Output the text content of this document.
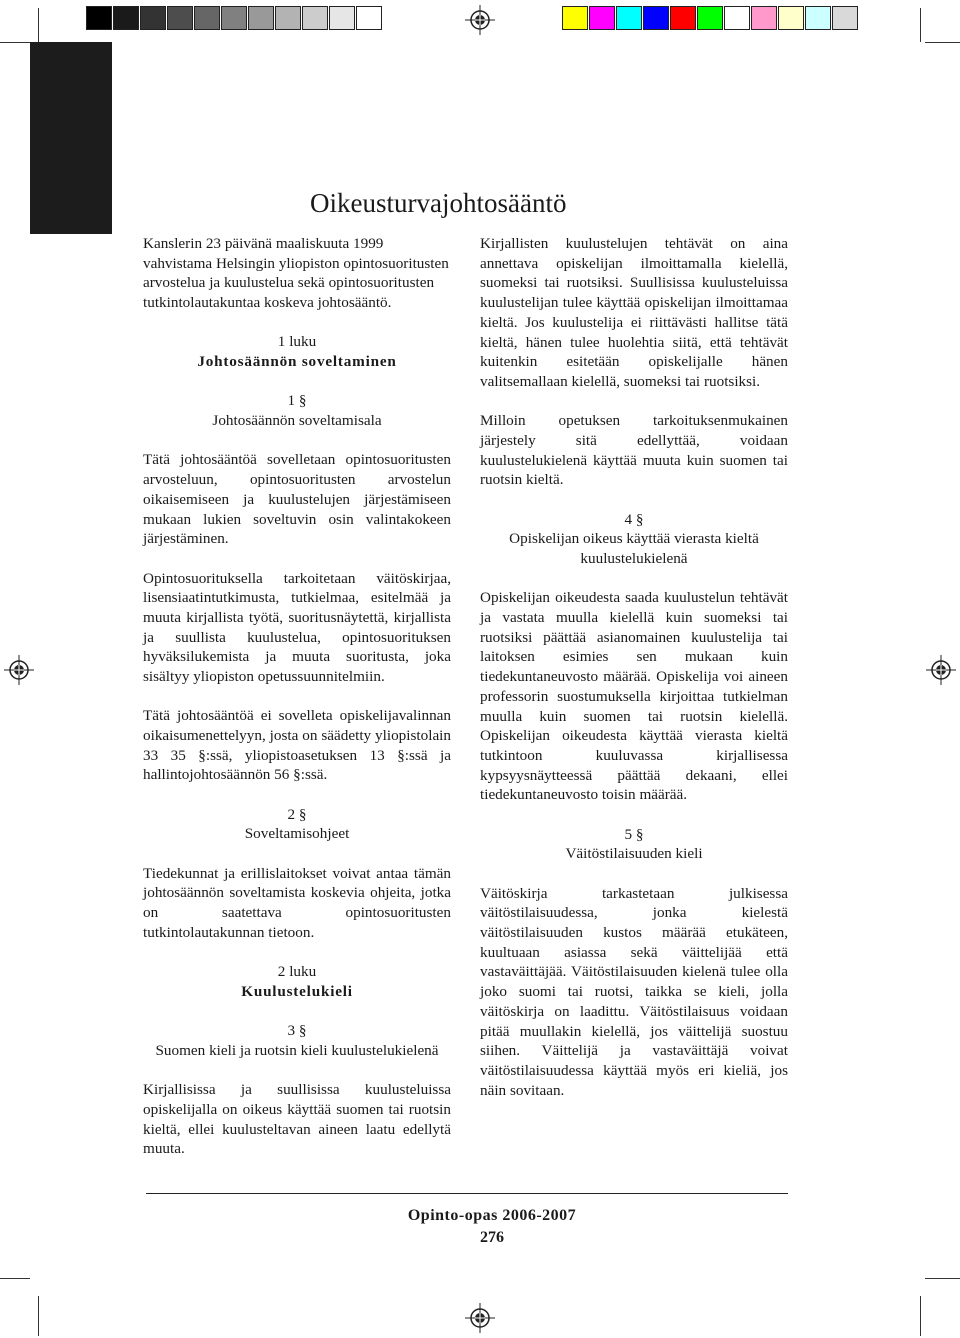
Oikeusturvajohtosääntö

Kanslerin 23 päivänä maaliskuuta 1999 vahvistama Helsingin yliopiston opintosuoritusten arvostelua ja kuulustelua sekä opintosuoritusten tutkintolautakuntaa koskeva johtosääntö.

1 luku

Johtosäännön soveltaminen

1 §

Johtosäännön soveltamisala

Tätä johtosääntöä sovelletaan opintosuoritusten arvosteluun, opintosuoritusten arvostelun oikaisemiseen ja kuulustelujen järjestämiseen mukaan lukien soveltuvin osin valintakokeen järjestäminen.

Opintosuorituksella tarkoitetaan väitöskirjaa, lisensiaatintutkimusta, tutkielmaa, esitelmää ja muuta kirjallista työtä, suoritusnäytettä, kirjallista ja suullista kuulustelua, opintosuorituksen hyväksilukemista ja muuta suoritusta, joka sisältyy yliopiston opetussuunnitelmiin.

Tätä johtosääntöä ei sovelleta opiskelijavalinnan oikaisumenettelyyn, josta on säädetty yliopistolain 33 35 §:ssä, yliopistoasetuksen 13 §:ssä ja hallintojohtosäännön 56 §:ssä.

2 §

Soveltamisohjeet

Tiedekunnat ja erillislaitokset voivat antaa tämän johtosäännön soveltamista koskevia ohjeita, jotka on saatettava opintosuoritusten tutkintolautakunnan tietoon.

2 luku

Kuulustelukieli

3 §

Suomen kieli ja ruotsin kieli kuulustelukielenä

Kirjallisissa ja suullisissa kuulusteluissa opiskelijalla on oikeus käyttää suomen tai ruotsin kieltä, ellei kuulusteltavan aineen laatu edellytä muuta.

Kirjallisten kuulustelujen tehtävät on aina annettava opiskelijan ilmoittamalla kielellä, suomeksi tai ruotsiksi. Suullisissa kuulusteluissa kuulustelijan tulee käyttää opiskelijan ilmoittamaa kieltä. Jos kuulustelija ei riittävästi hallitse tätä kieltä, hänen tulee huolehtia siitä, että tehtävät kuitenkin esitetään opiskelijalle hänen valitsemallaan kielellä, suomeksi tai ruotsiksi.

Milloin opetuksen tarkoituksenmukainen järjestely sitä edellyttää, voidaan kuulustelukielenä käyttää muuta kuin suomen tai ruotsin kieltä.

4 §

Opiskelijan oikeus käyttää vierasta kieltä kuulustelukielenä

Opiskelijan oikeudesta saada kuulustelun tehtävät ja vastata muulla kielellä kuin suomeksi tai ruotsiksi päättää asianomainen kuulustelija tai laitoksen esimies sen mukaan kuin tiedekuntaneuvosto määrää. Opiskelija voi aineen professorin suostumuksella kirjoittaa tutkielman muulla kuin suomen tai ruotsin kielellä. Opiskelijan oikeudesta käyttää vierasta kieltä tutkintoon kuuluvassa kirjallisessa kypsyysnäytteessä päättää dekaani, ellei tiedekuntaneuvosto toisin määrää.

5 §

Väitöstilaisuuden kieli

Väitöskirja tarkastetaan julkisessa väitöstilaisuudessa, jonka kielestä väitöstilaisuuden kustos määrää etukäteen, kuultuaan asiassa sekä väittelijää että vastaväittäjää. Väitöstilaisuuden kielenä tulee olla joko suomi tai ruotsi, taikka se kieli, jolla väitöskirja on laadittu. Väitöstilaisuus voidaan pitää muullakin kielellä, jos väittelijä suostuu siihen. Väittelijä ja vastaväittäjä voivat väitöstilaisuudessa käyttää myös eri kieliä, jos näin sovitaan.

Opinto-opas 2006-2007
276
